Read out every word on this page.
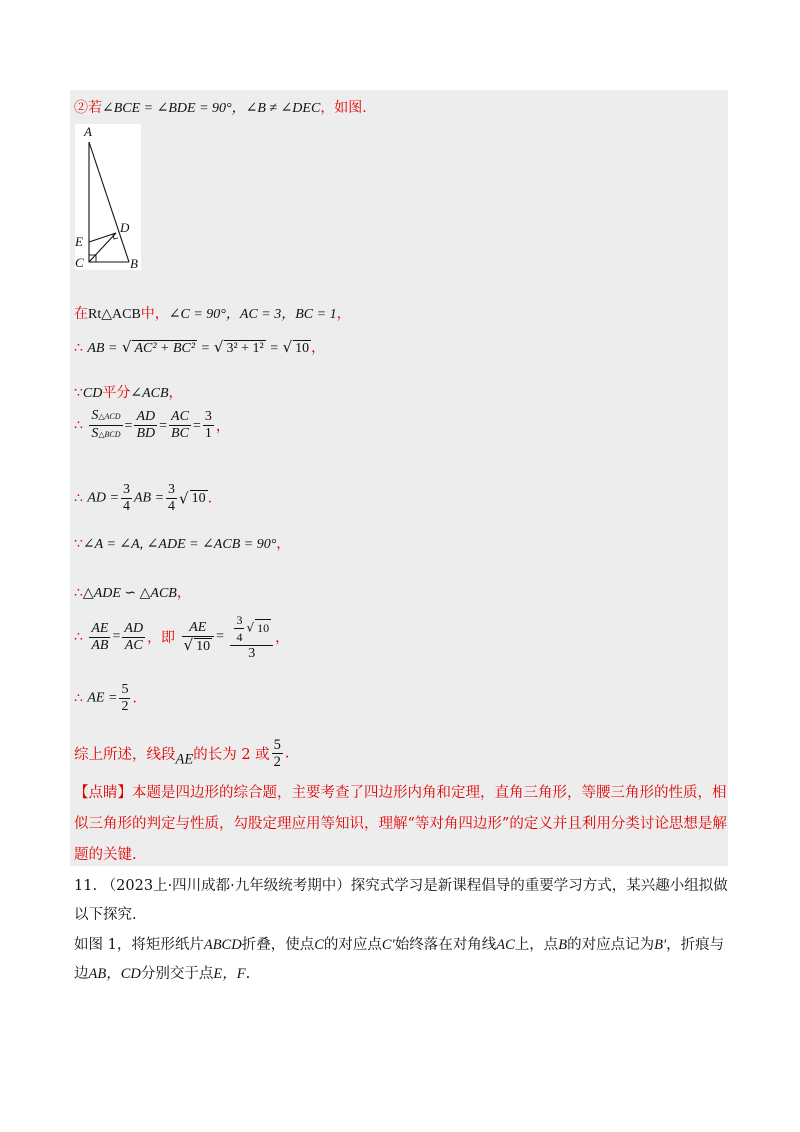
②若∠BCE = ∠BDE = 90°，∠B ≠ ∠DEC，如图.
A
D
E
C	B
在Rt△ACB中，∠C = 90°，AC = 3，BC = 1，
∴ AB = √ AC² + BC² = √ 3² + 1² = √ 10 ，
∵CD平分∠ACB，
∴ $\frac{\text{S△ACD}}{\text{S△BCD}} = \frac{AD}{BD} = \frac{AC}{BC} = \frac{3}{1}$ ，
∴ AD = $\frac{3}{4}$ AB = $\frac{3}{4}$ √ 10 .
∵∠A = ∠A, ∠ADE = ∠ACB = 90°，
∴△ADE ∽ △ACB，
∴ $\frac{AE}{AB} = \frac{AD}{AC}$ ，即 $\frac{AE}{√ 10} = \frac{\frac{3}{4} √ 10}{3}$ ，
∴ AE = $\frac{5}{2}$ .
综上所述，线段AE的长为 2 或 $\frac{5}{2}$ .
【点睛】本题是四边形的综合题，主要考查了四边形内角和定理，直角三角形，等腰三角形的性质，相似三角形的判定与性质，勾股定理应用等知识，理解“等对角四边形”的定义并且利用分类讨论思想是解题的关键.
11. （2023上·四川成都·九年级统考期中）探究式学习是新课程倡导的重要学习方式，某兴趣小组拟做以下探究.
如图 1，将矩形纸片ABCD折叠，使点C的对应点C′始终落在对角线AC上，点B的对应点记为B′，折痕与边AB，CD分别交于点E，F.
